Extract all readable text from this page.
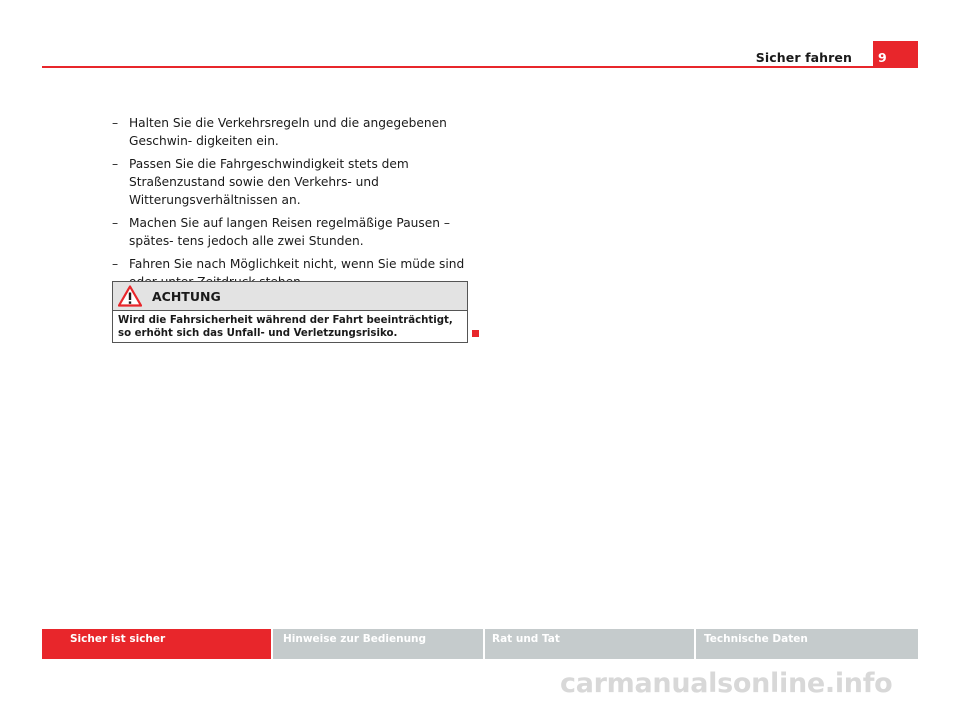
Sicher fahren	9
– Halten Sie die Verkehrsregeln und die angegebenen Geschwin- digkeiten ein.
– Passen Sie die Fahrgeschwindigkeit stets dem Straßenzustand sowie den Verkehrs- und Witterungsverhältnissen an.
– Machen Sie auf langen Reisen regelmäßige Pausen – spätes- tens jedoch alle zwei Stunden.
– Fahren Sie nach Möglichkeit nicht, wenn Sie müde sind
ACHTUNG
Wird die Fahrsicherheit während der Fahrt beeinträchtigt, so erhöht sich das Unfall- und Verletzungsrisiko.
Sicher ist sicher	Hinweise zur Bedienung	Rat und Tat	Technische Daten
carmanualsonline.info
